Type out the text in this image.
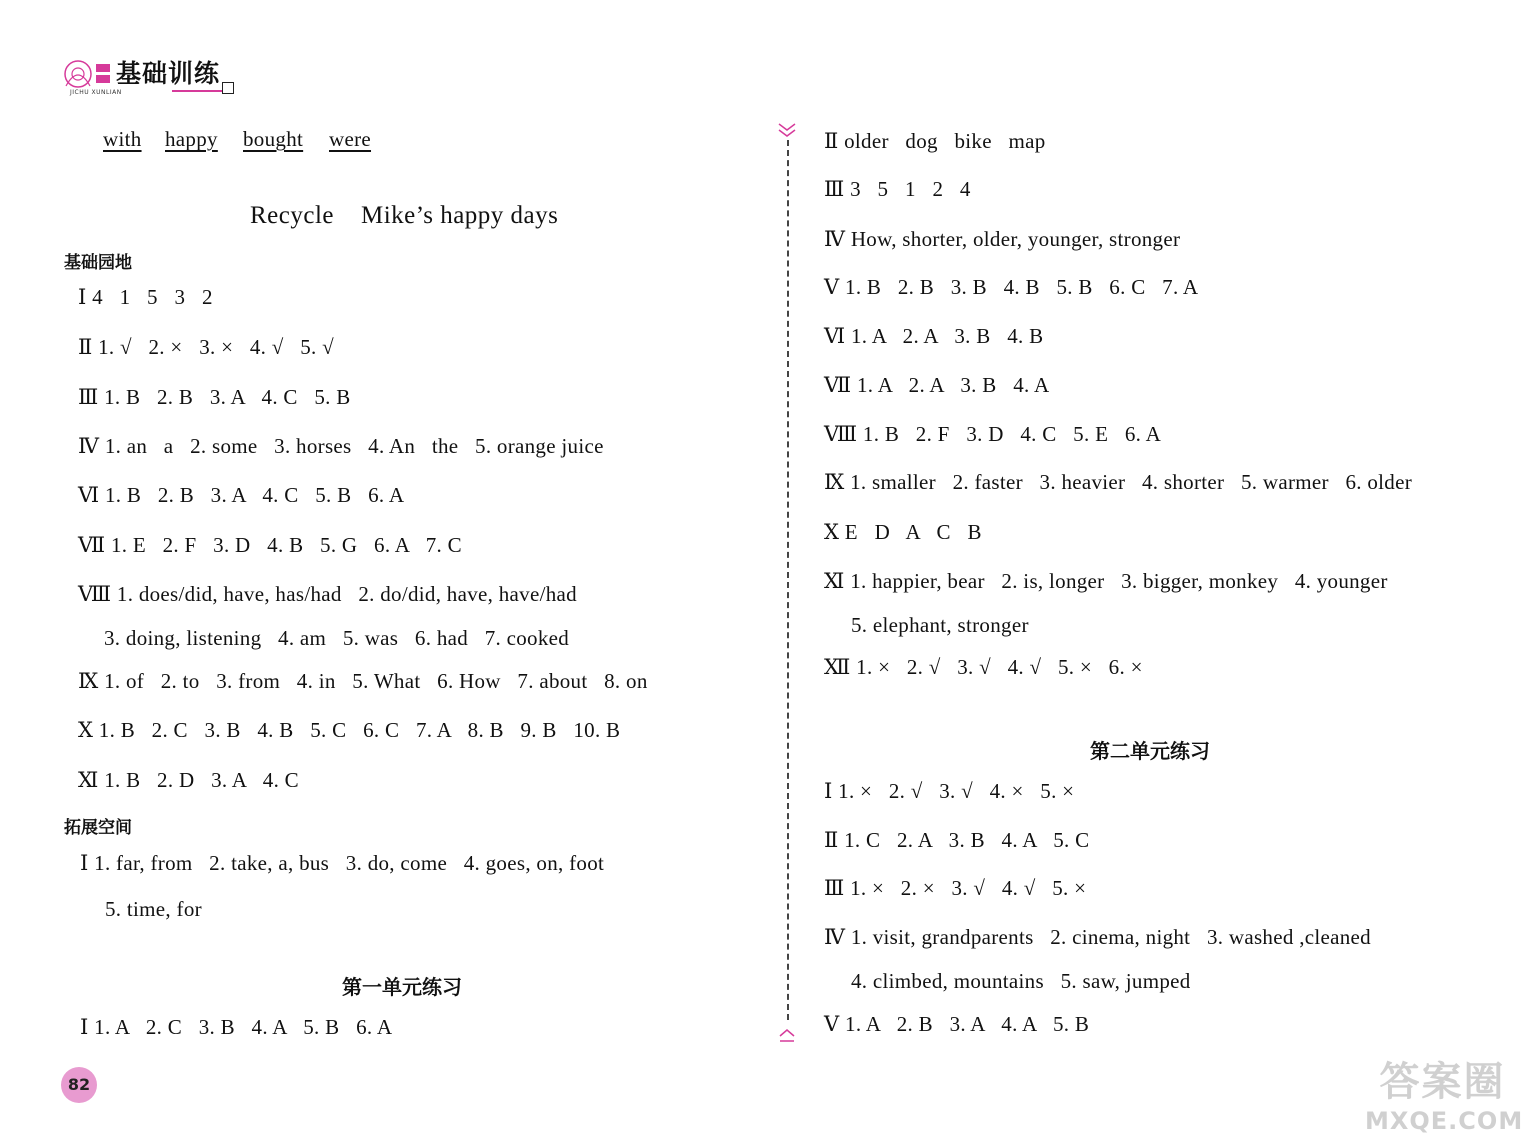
基础训练

JICHU XUNLIAN

with happy bought were
Recycle    Mike’s happy days
基础园地
Ⅰ 4   1   5   3   2
Ⅱ 1. √   2. ×   3. ×   4. √   5. √
Ⅲ 1. B   2. B   3. A   4. C   5. B
Ⅳ 1. an   a   2. some   3. horses   4. An   the   5. orange juice
Ⅵ 1. B   2. B   3. A   4. C   5. B   6. A
Ⅶ 1. E   2. F   3. D   4. B   5. G   6. A   7. C
Ⅷ 1. does/did, have, has/had   2. do/did, have, have/had
3. doing, listening   4. am   5. was   6. had   7. cooked
Ⅸ 1. of   2. to   3. from   4. in   5. What   6. How   7. about   8. on
Ⅹ 1. B   2. C   3. B   4. B   5. C   6. C   7. A   8. B   9. B   10. B
Ⅺ 1. B   2. D   3. A   4. C
拓展空间
Ⅰ 1. far, from   2. take, a, bus   3. do, come   4. goes, on, foot
5. time, for
第一单元练习
Ⅰ 1. A   2. C   3. B   4. A   5. B   6. A
Ⅱ older   dog   bike   map
Ⅲ 3   5   1   2   4
Ⅳ How, shorter, older, younger, stronger
Ⅴ 1. B   2. B   3. B   4. B   5. B   6. C   7. A
Ⅵ 1. A   2. A   3. B   4. B
Ⅶ 1. A   2. A   3. B   4. A
Ⅷ 1. B   2. F   3. D   4. C   5. E   6. A
Ⅸ 1. smaller   2. faster   3. heavier   4. shorter   5. warmer   6. older
Ⅹ E   D   A   C   B
Ⅺ 1. happier, bear   2. is, longer   3. bigger, monkey   4. younger
5. elephant, stronger
Ⅻ 1. ×   2. √   3. √   4. √   5. ×   6. ×
第二单元练习
Ⅰ 1. ×   2. √   3. √   4. ×   5. ×
Ⅱ 1. C   2. A   3. B   4. A   5. C
Ⅲ 1. ×   2. ×   3. √   4. √   5. ×
Ⅳ 1. visit, grandparents   2. cinema, night   3. washed ,cleaned
4. climbed, mountains   5. saw, jumped
Ⅴ 1. A   2. B   3. A   4. A   5. B
82	答案圈
MXQE.COM
